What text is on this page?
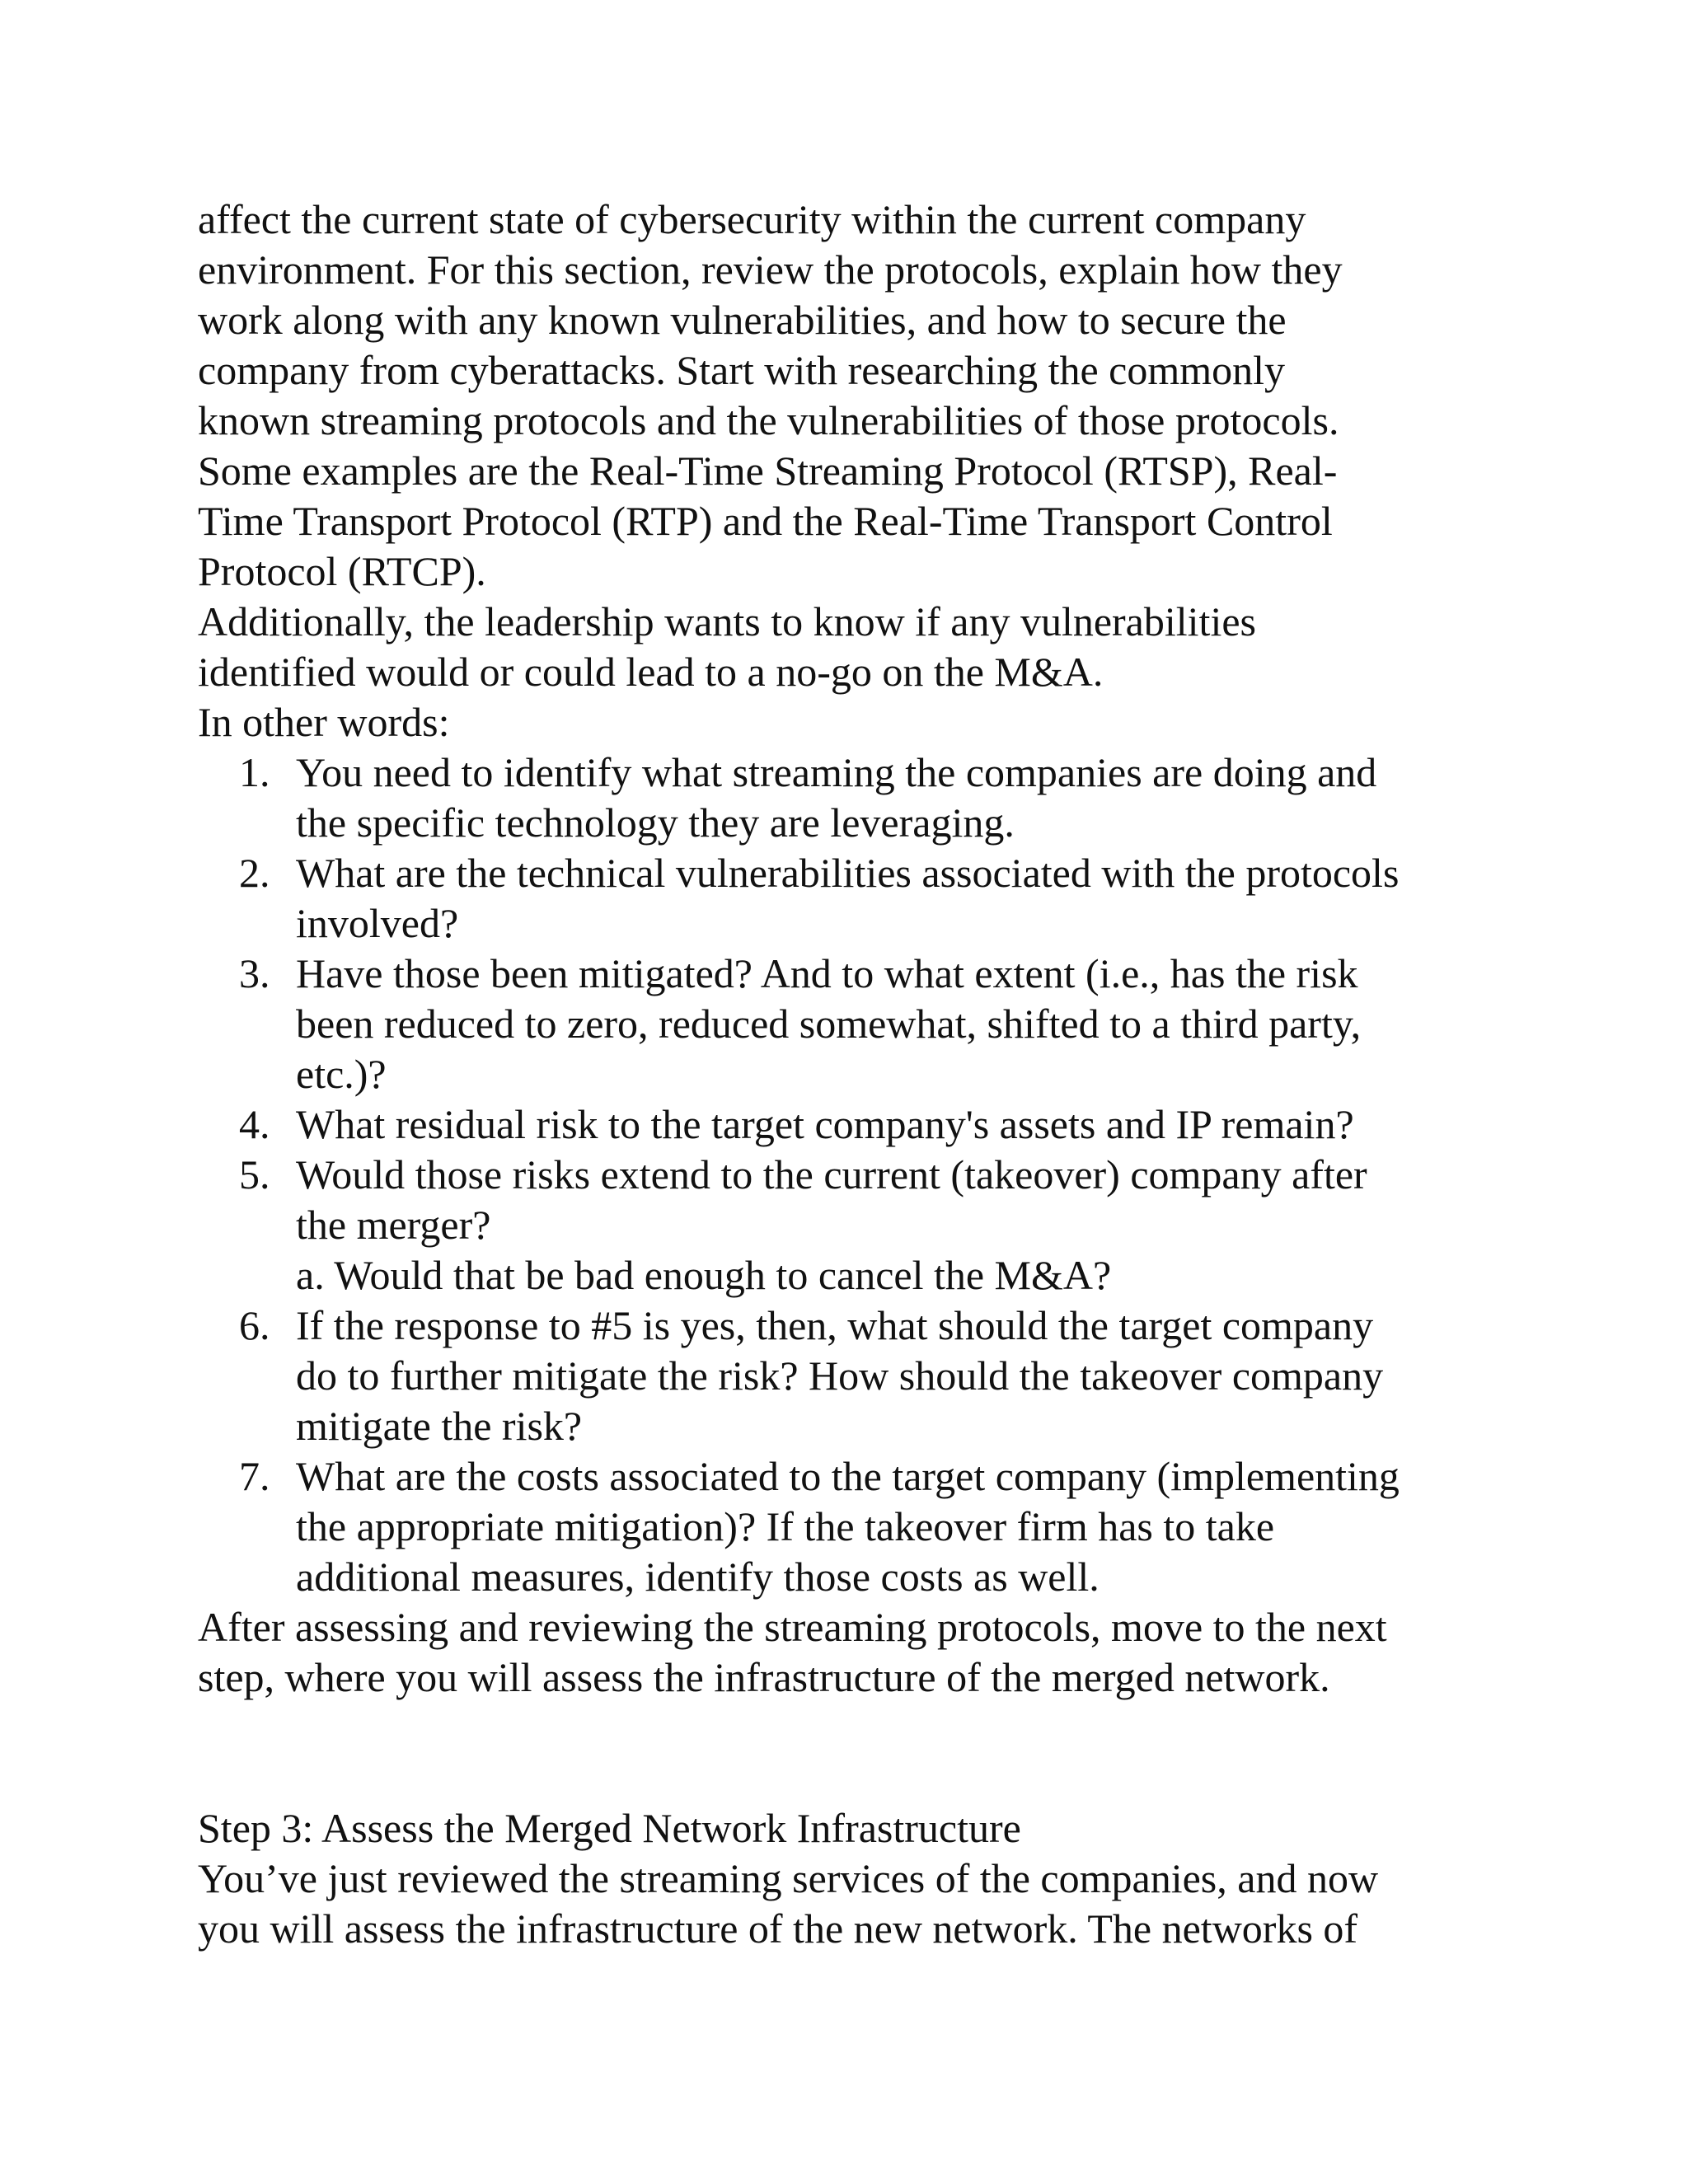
affect the current state of cybersecurity within the current company
environment. For this section, review the protocols, explain how they
work along with any known vulnerabilities, and how to secure the
company from cyberattacks. Start with researching the commonly
known streaming protocols and the vulnerabilities of those protocols.
Some examples are the Real-Time Streaming Protocol (RTSP), Real-
Time Transport Protocol (RTP) and the Real-Time Transport Control
Protocol (RTCP).

Additionally, the leadership wants to know if any vulnerabilities
identified would or could lead to a no-go on the M&A.

In other words:

1. You need to identify what streaming the companies are doing and
the specific technology they are leveraging.
2. What are the technical vulnerabilities associated with the protocols
involved?
3. Have those been mitigated? And to what extent (i.e., has the risk
been reduced to zero, reduced somewhat, shifted to a third party,
etc.)?
4. What residual risk to the target company's assets and IP remain?
5. Would those risks extend to the current (takeover) company after
the merger?
a. Would that be bad enough to cancel the M&A?
6. If the response to #5 is yes, then, what should the target company
do to further mitigate the risk? How should the takeover company
mitigate the risk?
7. What are the costs associated to the target company (implementing
the appropriate mitigation)? If the takeover firm has to take
additional measures, identify those costs as well.

After assessing and reviewing the streaming protocols, move to the next
step, where you will assess the infrastructure of the merged network.

Step 3: Assess the Merged Network Infrastructure

You’ve just reviewed the streaming services of the companies, and now
you will assess the infrastructure of the new network. The networks of
